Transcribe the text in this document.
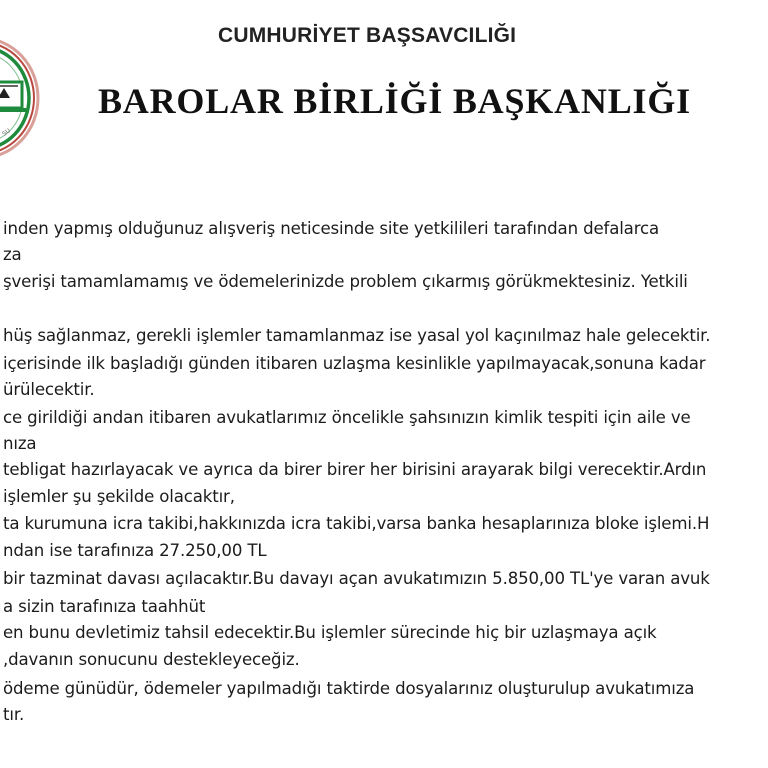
SU
CUMHURİYET BAŞSAVCILIĞI
BAROLAR BİRLİĞİ BAŞKANLIĞI
inden yapmış olduğunuz alışveriş neticesinde site yetkilileri tarafından defalarca
za
şverişi tamamlamamış ve ödemelerinizde problem çıkarmış görükmektesiniz. Yetkili
hüş sağlanmaz, gerekli işlemler tamamlanmaz ise yasal yol kaçınılmaz hale gelecektir.
içerisinde ilk başladığı günden itibaren uzlaşma kesinlikle yapılmayacak,sonuna kadar
ürülecektir.
ce girildiği andan itibaren avukatlarımız öncelikle şahsınızın kimlik tespiti için aile ve
nıza
tebligat hazırlayacak ve ayrıca da birer birer her birisini arayarak bilgi verecektir.Ardın
işlemler şu şekilde olacaktır,
ta kurumuna icra takibi,hakkınızda icra takibi,varsa banka hesaplarınıza bloke işlemi.H
ndan ise tarafınıza 27.250,00 TL
bir tazminat davası açılacaktır.Bu davayı açan avukatımızın 5.850,00 TL'ye varan avuk
a sizin tarafınıza taahhüt
en bunu devletimiz tahsil edecektir.Bu işlemler sürecinde hiç bir uzlaşmaya açık
,davanın sonucunu destekleyeceğiz.
ödeme günüdür, ödemeler yapılmadığı taktirde dosyalarınız oluşturulup avukatımıza
tır.
